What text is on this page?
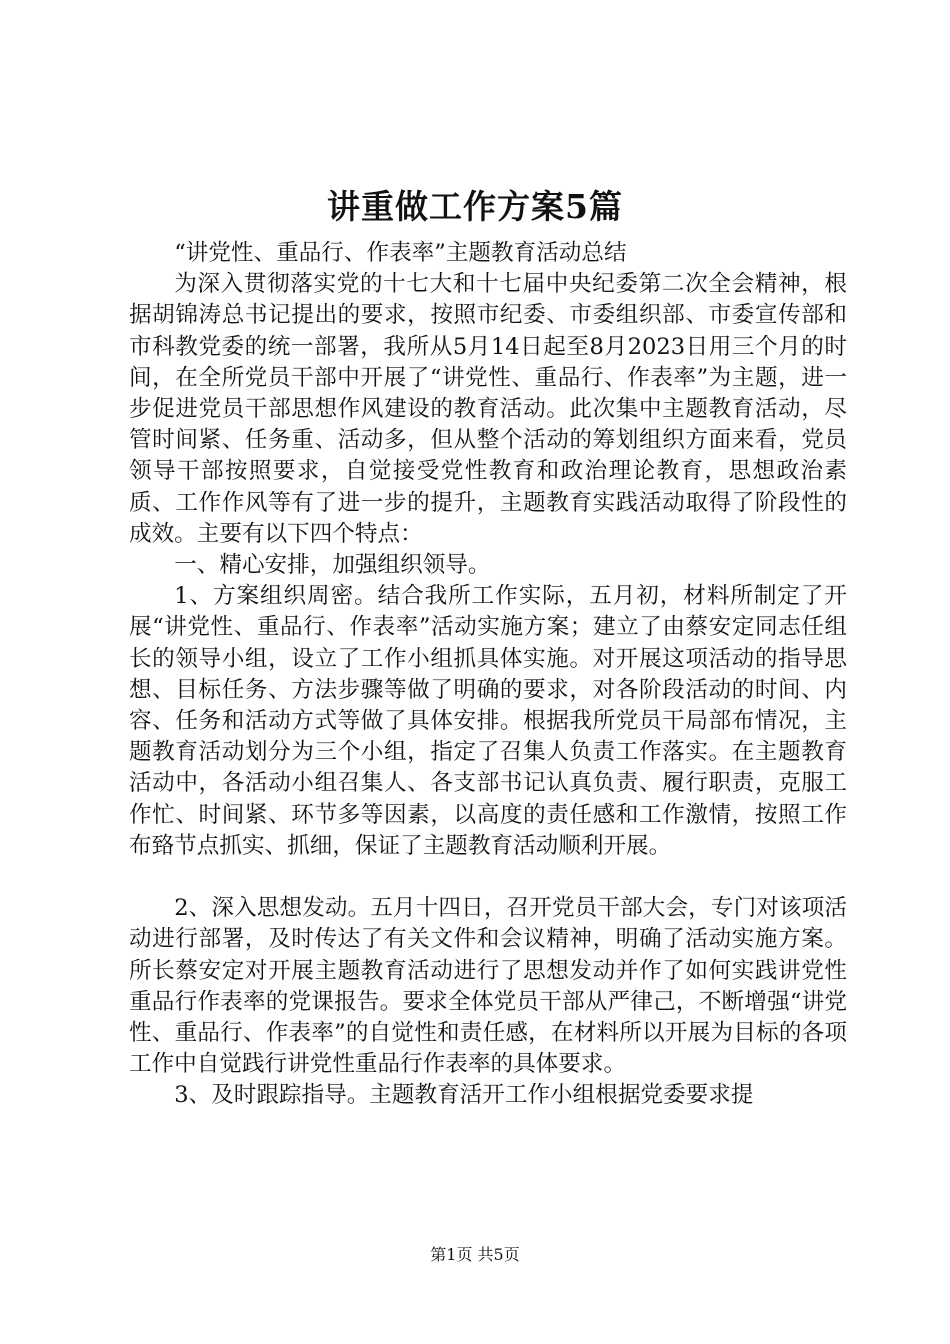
讲重做工作方案5篇

“讲党性、重品行、作表率”主题教育活动总结

为深入贯彻落实党的十七大和十七届中央纪委第二次全会精神，根据胡锦涛总书记提出的要求，按照市纪委、市委组织部、市委宣传部和市科教党委的统一部署，我所从5月14日起至8月2023日用三个月的时间，在全所党员干部中开展了“讲党性、重品行、作表率”为主题，进一步促进党员干部思想作风建设的教育活动。此次集中主题教育活动，尽管时间紧、任务重、活动多，但从整个活动的筹划组织方面来看，党员领导干部按照要求，自觉接受党性教育和政治理论教育，思想政治素质、工作作风等有了进一步的提升，主题教育实践活动取得了阶段性的成效。主要有以下四个特点：

一、精心安排，加强组织领导。

1、方案组织周密。结合我所工作实际，五月初，材料所制定了开展“讲党性、重品行、作表率”活动实施方案；建立了由蔡安定同志任组长的领导小组，设立了工作小组抓具体实施。对开展这项活动的指导思想、目标任务、方法步骤等做了明确的要求，对各阶段活动的时间、内容、任务和活动方式等做了具体安排。根据我所党员干局部布情况，主题教育活动划分为三个小组，指定了召集人负责工作落实。在主题教育活动中，各活动小组召集人、各支部书记认真负责、履行职责，克服工作忙、时间紧、环节多等因素，以高度的责任感和工作激情，按照工作布臵节点抓实、抓细，保证了主题教育活动顺利开展。

2、深入思想发动。五月十四日，召开党员干部大会，专门对该项活动进行部署，及时传达了有关文件和会议精神，明确了活动实施方案。所长蔡安定对开展主题教育活动进行了思想发动并作了如何实践讲党性重品行作表率的党课报告。要求全体党员干部从严律己，不断增强“讲党性、重品行、作表率”的自觉性和责任感，在材料所以开展为目标的各项工作中自觉践行讲党性重品行作表率的具体要求。

3、及时跟踪指导。主题教育活开工作小组根据党委要求提

第1页 共5页
